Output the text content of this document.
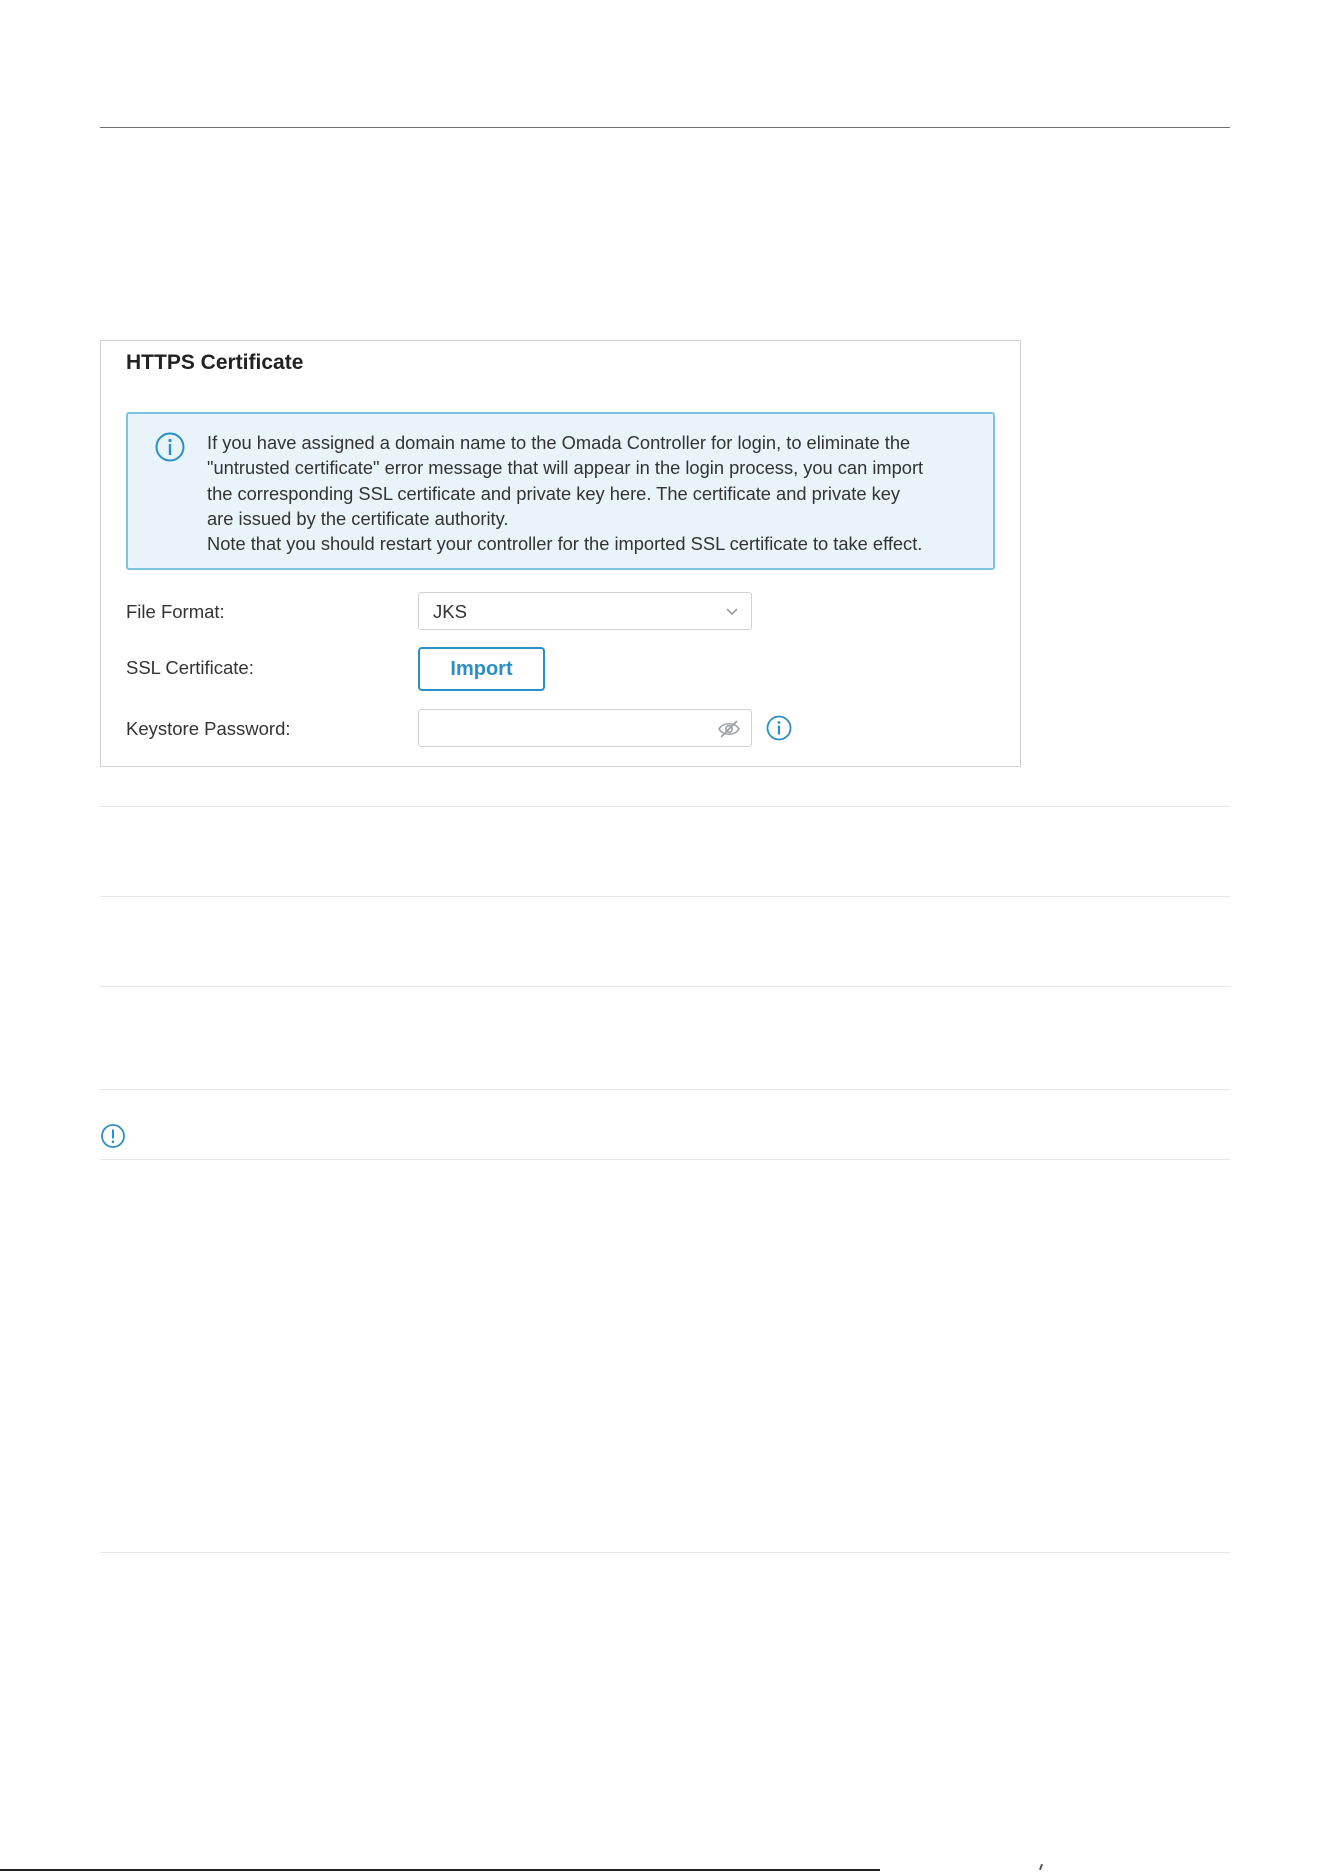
HTTPS Certificate
If you have assigned a domain name to the Omada Controller for login, to eliminate the
"untrusted certificate" error message that will appear in the login process, you can import
the corresponding SSL certificate and private key here. The certificate and private key
are issued by the certificate authority.
Note that you should restart your controller for the imported SSL certificate to take effect.
File Format:	JKS
SSL Certificate:	Import
Keystore Password:
